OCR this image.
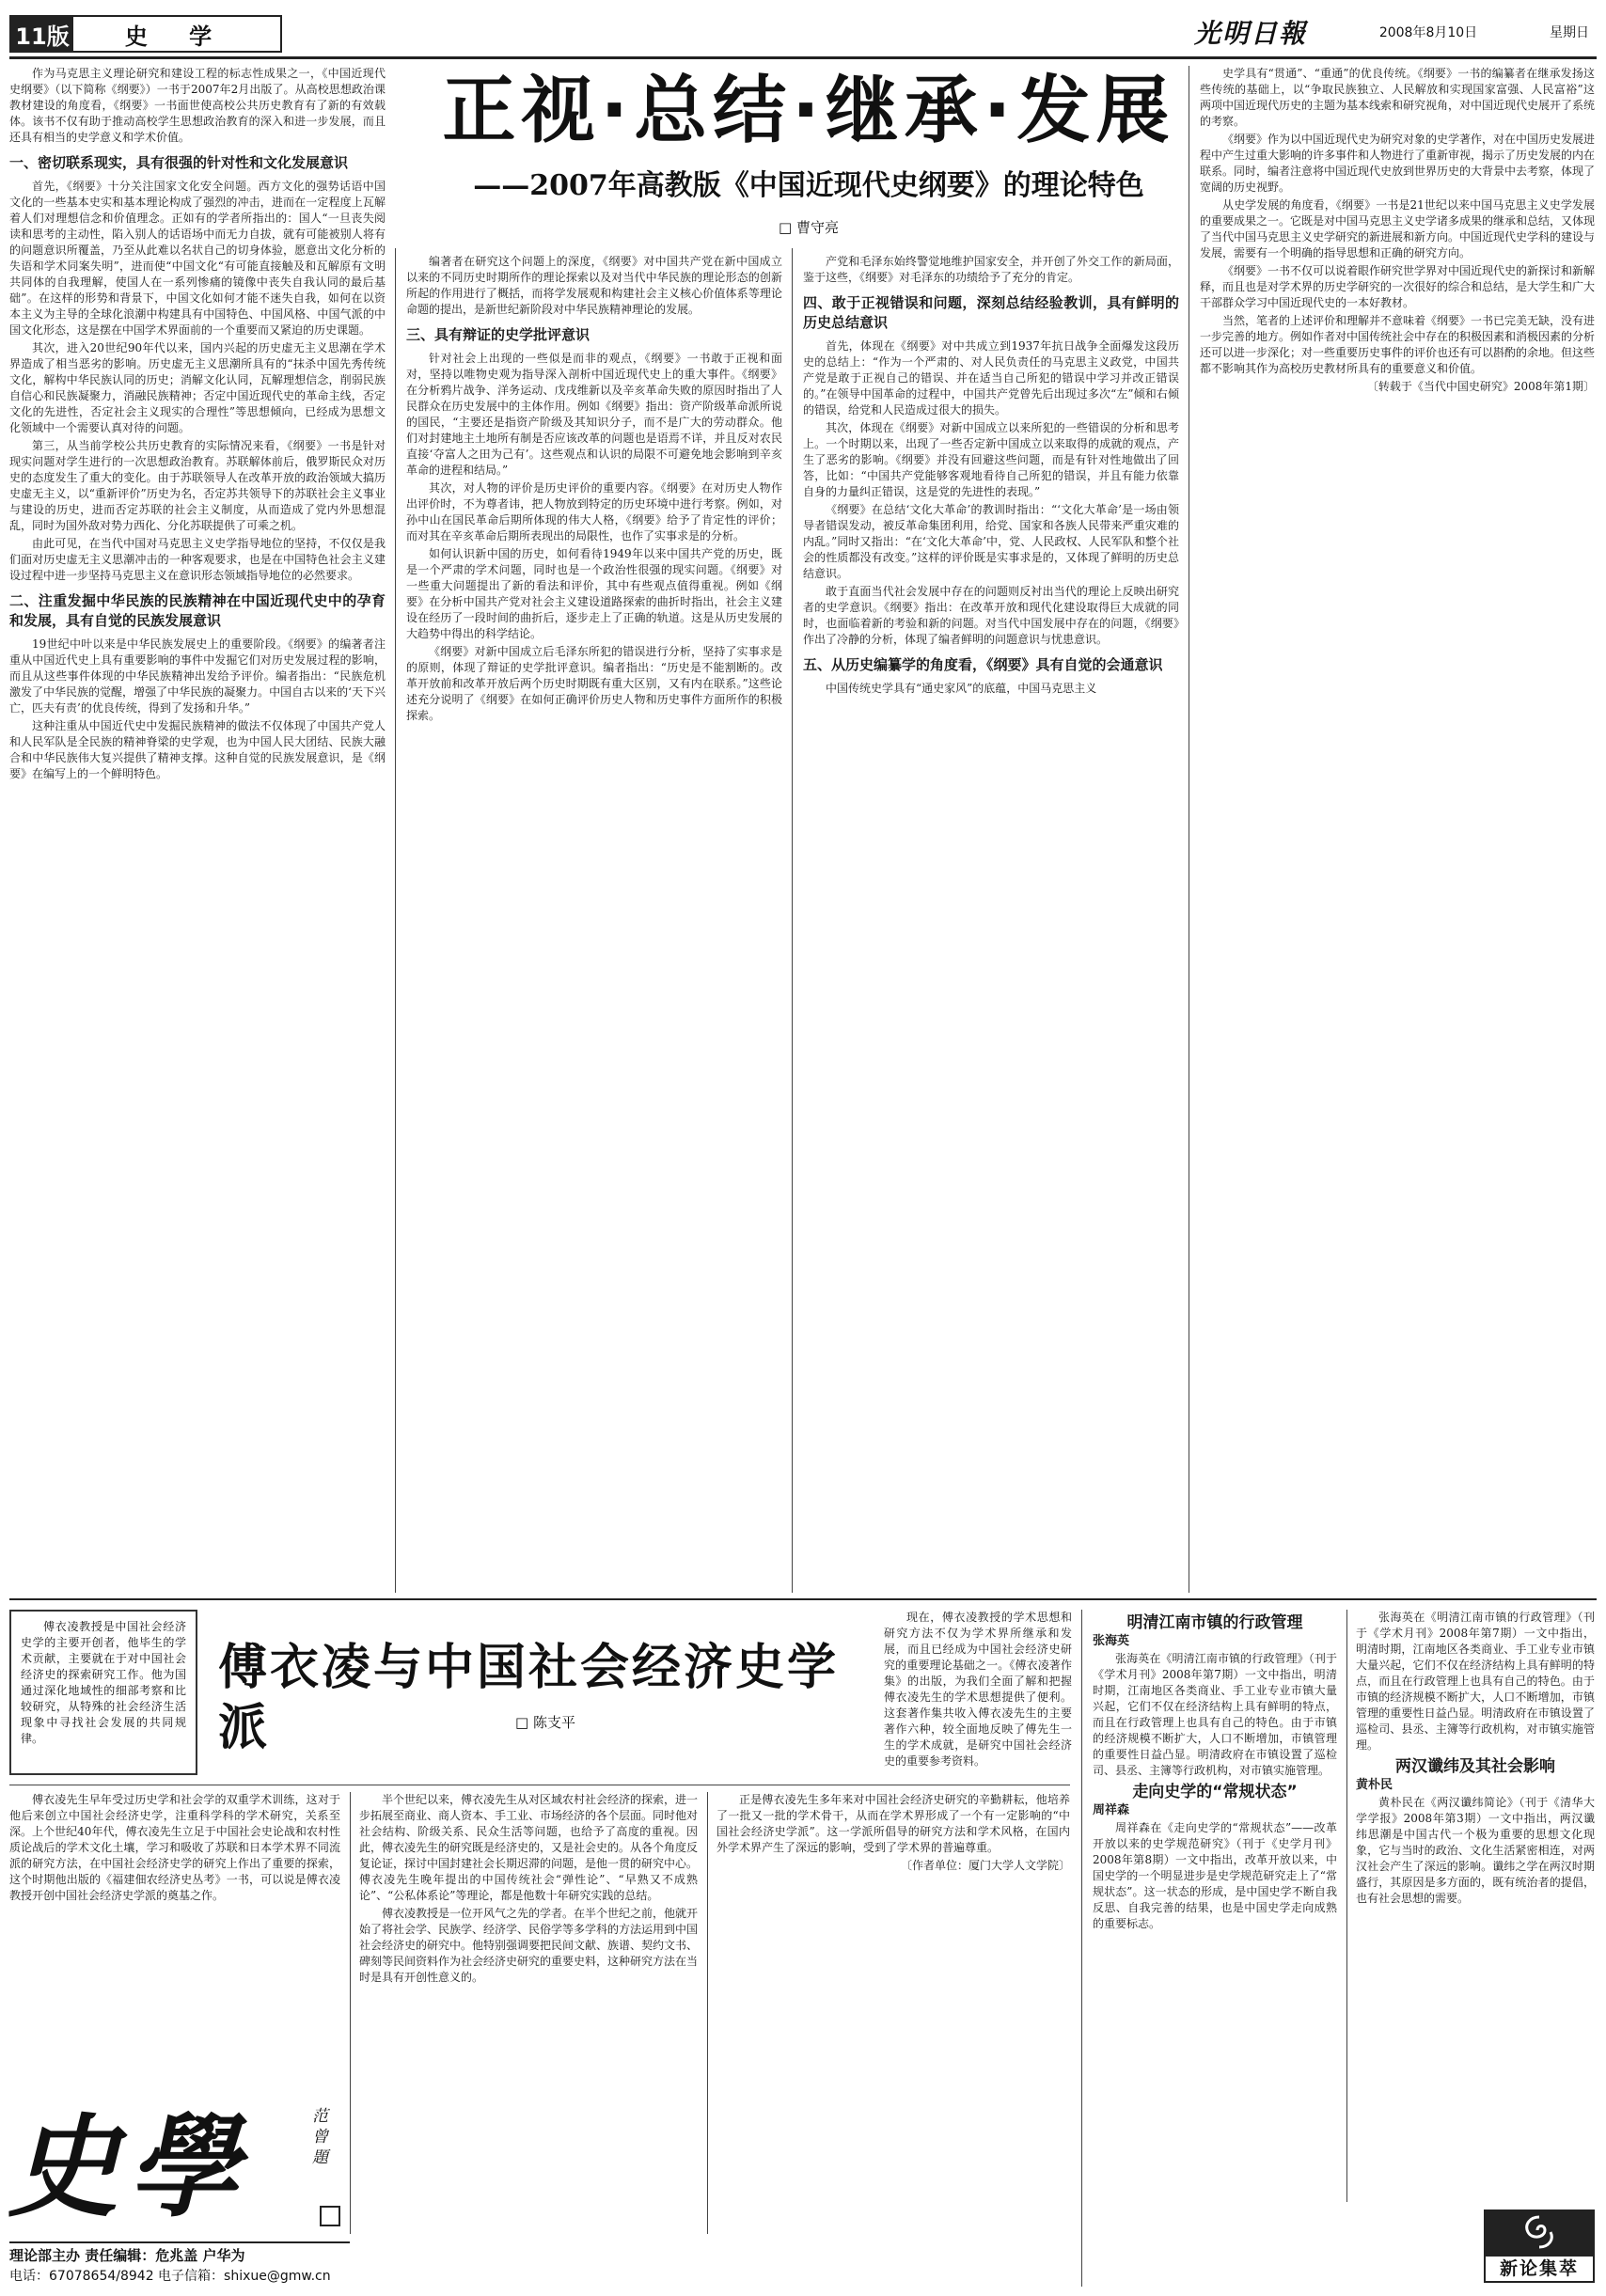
11版	史 学	光明日報	2008年8月10日	星期日
正视·总结·继承·发展
——2007年高教版《中国近现代史纲要》的理论特色
□ 曹守亮

作为马克思主义理论研究和建设工程的标志性成果之一，《中国近现代史纲要》（以下简称《纲要》）一书于2007年2月出版了。从高校思想政治课教材建设的角度看，《纲要》一书面世使高校公共历史教育有了新的有效载体。该书不仅有助于推动高校学生思想政治教育的深入和进一步发展，而且还具有相当的史学意义和学术价值。

一、密切联系现实，具有很强的针对性和文化发展意识

首先，《纲要》十分关注国家文化安全问题。西方文化的强势话语中国文化的一些基本史实和基本理论构成了强烈的冲击，进而在一定程度上瓦解着人们对理想信念和价值理念。正如有的学者所指出的：国人“一旦丧失阅读和思考的主动性，陷入别人的话语场中而无力自拔，就有可能被别人将有的问题意识所覆盖，乃至从此难以名状自己的切身体验，愿意出文化分析的失语和学术同案失明”，进而使“中国文化“有可能直接触及和瓦解原有文明共同体的自我理解，使国人在一系列惨痛的镜像中丧失自我认同的最后基础”。在这样的形势和背景下，中国文化如何才能不迷失自我，如何在以资本主义为主导的全球化浪潮中构建具有中国特色、中国风格、中国气派的中国文化形态，这是摆在中国学术界面前的一个重要而又紧迫的历史课题。

其次，进入20世纪90年代以来，国内兴起的历史虚无主义思潮在学术界造成了相当恶劣的影响。历史虚无主义思潮所具有的“抹杀中国先秀传统文化，解构中华民族认同的历史；消解文化认同，瓦解理想信念，削弱民族自信心和民族凝聚力，消融民族精神；否定中国近现代史的革命主线，否定文化的先进性，否定社会主义现实的合理性”等思想倾向，已经成为思想文化领域中一个需要认真对待的问题。

第三，从当前学校公共历史教育的实际情况来看，《纲要》一书是针对现实问题对学生进行的一次思想政治教育。苏联解体前后，俄罗斯民众对历史的态度发生了重大的变化。由于苏联领导人在改革开放的政治领域大搞历史虚无主义，以“重新评价”历史为名，否定苏共领导下的苏联社会主义事业与建设的历史，进而否定苏联的社会主义制度，从而造成了党内外思想混乱，同时为国外敌对势力西化、分化苏联提供了可乘之机。

由此可见，在当代中国对马克思主义史学指导地位的坚持，不仅仅是我们面对历史虚无主义思潮冲击的一种客观要求，也是在中国特色社会主义建设过程中进一步坚持马克思主义在意识形态领域指导地位的必然要求。

二、注重发掘中华民族的民族精神在中国近现代史中的孕育和发展，具有自觉的民族发展意识

19世纪中叶以来是中华民族发展史上的重要阶段。《纲要》的编著者注重从中国近代史上具有重要影响的事件中发掘它们对历史发展过程的影响，而且从这些事件体现的中华民族精神出发给予评价。编者指出：“民族危机激发了中华民族的觉醒，增强了中华民族的凝聚力。中国自古以来的‘天下兴亡，匹夫有责’的优良传统，得到了发扬和升华。”

这种注重从中国近代史中发掘民族精神的做法不仅体现了中国共产党人和人民军队是全民族的精神脊梁的史学观，也为中国人民大团结、民族大融合和中华民族伟大复兴提供了精神支撑。这种自觉的民族发展意识，是《纲要》在编写上的一个鲜明特色。

编著者在研究这个问题上的深度，《纲要》对中国共产党在新中国成立以来的不同历史时期所作的理论探索以及对当代中华民族的理论形态的创新所起的作用进行了概括，而将学发展观和构建社会主义核心价值体系等理论命题的提出，是新世纪新阶段对中华民族精神理论的发展。

三、具有辩证的史学批评意识

针对社会上出现的一些似是而非的观点，《纲要》一书敢于正视和面对，坚持以唯物史观为指导深入剖析中国近现代史上的重大事件。《纲要》在分析鸦片战争、洋务运动、戊戌维新以及辛亥革命失败的原因时指出了人民群众在历史发展中的主体作用。例如《纲要》指出：资产阶级革命派所说的国民，“主要还是指资产阶级及其知识分子，而不是广大的劳动群众。他们对封建地主土地所有制是否应该改革的问题也是语焉不详，并且反对农民直接‘夺富人之田为己有’。这些观点和认识的局限不可避免地会影响到辛亥革命的进程和结局。”

其次，对人物的评价是历史评价的重要内容。《纲要》在对历史人物作出评价时，不为尊者讳，把人物放到特定的历史环境中进行考察。例如，对孙中山在国民革命后期所体现的伟大人格，《纲要》给予了肯定性的评价；而对其在辛亥革命后期所表现出的局限性，也作了实事求是的分析。

如何认识新中国的历史，如何看待1949年以来中国共产党的历史，既是一个严肃的学术问题，同时也是一个政治性很强的现实问题。《纲要》对一些重大问题提出了新的看法和评价，其中有些观点值得重视。例如《纲要》在分析中国共产党对社会主义建设道路探索的曲折时指出，社会主义建设在经历了一段时间的曲折后，逐步走上了正确的轨道。这是从历史发展的大趋势中得出的科学结论。

《纲要》对新中国成立后毛泽东所犯的错误进行分析，坚持了实事求是的原则，体现了辩证的史学批评意识。编者指出：“历史是不能割断的。改革开放前和改革开放后两个历史时期既有重大区别，又有内在联系。”这些论述充分说明了《纲要》在如何正确评价历史人物和历史事件方面所作的积极探索。

产党和毛泽东始终警觉地维护国家安全，并开创了外交工作的新局面，鉴于这些，《纲要》对毛泽东的功绩给予了充分的肯定。

四、敢于正视错误和问题，深刻总结经验教训，具有鲜明的历史总结意识

首先，体现在《纲要》对中共成立到1937年抗日战争全面爆发这段历史的总结上：“作为一个严肃的、对人民负责任的马克思主义政党，中国共产党是敢于正视自己的错误、并在适当自己所犯的错误中学习并改正错误的。”在领导中国革命的过程中，中国共产党曾先后出现过多次“左”倾和右倾的错误，给党和人民造成过很大的损失。

其次，体现在《纲要》对新中国成立以来所犯的一些错误的分析和思考上。一个时期以来，出现了一些否定新中国成立以来取得的成就的观点，产生了恶劣的影响。《纲要》并没有回避这些问题，而是有针对性地做出了回答，比如：“中国共产党能够客观地看待自己所犯的错误，并且有能力依靠自身的力量纠正错误，这是党的先进性的表现。”

《纲要》在总结‘文化大革命’的教训时指出：“‘文化大革命’是一场由领导者错误发动，被反革命集团利用，给党、国家和各族人民带来严重灾难的内乱。”同时又指出：“在‘文化大革命’中，党、人民政权、人民军队和整个社会的性质都没有改变。”这样的评价既是实事求是的，又体现了鲜明的历史总结意识。

敢于直面当代社会发展中存在的问题则反衬出当代的理论上反映出研究者的史学意识。《纲要》指出：在改革开放和现代化建设取得巨大成就的同时，也面临着新的考验和新的问题。对当代中国发展中存在的问题，《纲要》作出了冷静的分析，体现了编者鲜明的问题意识与忧患意识。

五、从历史编纂学的角度看，《纲要》具有自觉的会通意识

中国传统史学具有“通史家风”的底蕴，中国马克思主义

史学具有“贯通”、“重通”的优良传统。《纲要》一书的编纂者在继承发扬这些传统的基础上，以“争取民族独立、人民解放和实现国家富强、人民富裕”这两项中国近现代历史的主题为基本线索和研究视角，对中国近现代史展开了系统的考察。

《纲要》作为以中国近现代史为研究对象的史学著作，对在中国历史发展进程中产生过重大影响的许多事件和人物进行了重新审视，揭示了历史发展的内在联系。同时，编者注意将中国近现代史放到世界历史的大背景中去考察，体现了宽阔的历史视野。

从史学发展的角度看，《纲要》一书是21世纪以来中国马克思主义史学发展的重要成果之一。它既是对中国马克思主义史学诸多成果的继承和总结，又体现了当代中国马克思主义史学研究的新进展和新方向。中国近现代史学科的建设与发展，需要有一个明确的指导思想和正确的研究方向。

《纲要》一书不仅可以说着眼作研究世学界对中国近现代史的新探讨和新解释，而且也是对学术界的历史学研究的一次很好的综合和总结，是大学生和广大干部群众学习中国近现代史的一本好教材。

当然，笔者的上述评价和理解并不意味着《纲要》一书已完美无缺，没有进一步完善的地方。例如作者对中国传统社会中存在的积极因素和消极因素的分析还可以进一步深化；对一些重要历史事件的评价也还有可以斟酌的余地。但这些都不影响其作为高校历史教材所具有的重要意义和价值。

〔转载于《当代中国史研究》2008年第1期〕

傅衣凌教授是中国社会经济史学的主要开创者，他毕生的学术贡献，主要就在于对中国社会经济史的探索研究工作。他为国通过深化地域性的细部考察和比较研究，从特殊的社会经济生活现象中寻找社会发展的共同规律。

傅衣凌与中国社会经济史学派	□ 陈支平

现在，傅衣凌教授的学术思想和研究方法不仅为学术界所继承和发展，而且已经成为中国社会经济史研究的重要理论基础之一。《傅衣凌著作集》的出版，为我们全面了解和把握傅衣凌先生的学术思想提供了便利。这套著作集共收入傅衣凌先生的主要著作六种，较全面地反映了傅先生一生的学术成就，是研究中国社会经济史的重要参考资料。

傅衣凌先生早年受过历史学和社会学的双重学术训练，这对于他后来创立中国社会经济史学，注重科学科的学术研究，关系至深。上个世纪40年代，傅衣凌先生立足于中国社会史论战和农村性质论战后的学术文化土壤，学习和吸收了苏联和日本学术界不同流派的研究方法，在中国社会经济史学的研究上作出了重要的探索，这个时期他出版的《福建佃农经济史丛考》一书，可以说是傅衣凌教授开创中国社会经济史学派的奠基之作。

半个世纪以来，傅衣凌先生从对区域农村社会经济的探索，进一步拓展至商业、商人资本、手工业、市场经济的各个层面。同时他对社会结构、阶级关系、民众生活等问题，也给予了高度的重视。因此，傅衣凌先生的研究既是经济史的，又是社会史的。从各个角度反复论证，探讨中国封建社会长期迟滞的问题，是他一贯的研究中心。傅衣凌先生晚年提出的中国传统社会“弹性论”、“早熟又不成熟论”、“公私体系论”等理论，都是他数十年研究实践的总结。

傅衣凌教授是一位开风气之先的学者。在半个世纪之前，他就开始了将社会学、民族学、经济学、民俗学等多学科的方法运用到中国社会经济史的研究中。他特别强调要把民间文献、族谱、契约文书、碑刻等民间资料作为社会经济史研究的重要史料，这种研究方法在当时是具有开创性意义的。

正是傅衣凌先生多年来对中国社会经济史研究的辛勤耕耘，他培养了一批又一批的学术骨干，从而在学术界形成了一个有一定影响的“中国社会经济史学派”。这一学派所倡导的研究方法和学术风格，在国内外学术界产生了深远的影响，受到了学术界的普遍尊重。

〔作者单位：厦门大学人文学院〕

明清江南市镇的行政管理

张海英

张海英在《明清江南市镇的行政管理》（刊于《学术月刊》2008年第7期）一文中指出，明清时期，江南地区各类商业、手工业专业市镇大量兴起，它们不仅在经济结构上具有鲜明的特点，而且在行政管理上也具有自己的特色。由于市镇的经济规模不断扩大，人口不断增加，市镇管理的重要性日益凸显。明清政府在市镇设置了巡检司、县丞、主簿等行政机构，对市镇实施管理。

走向史学的“常规状态”

周祥森

周祥森在《走向史学的“常规状态”——改革开放以来的史学规范研究》（刊于《史学月刊》2008年第8期）一文中指出，改革开放以来，中国史学的一个明显进步是史学规范研究走上了“常规状态”。这一状态的形成，是中国史学不断自我反思、自我完善的结果，也是中国史学走向成熟的重要标志。

张海英在《明清江南市镇的行政管理》（刊于《学术月刊》2008年第7期）一文中指出，明清时期，江南地区各类商业、手工业专业市镇大量兴起，它们不仅在经济结构上具有鲜明的特点，而且在行政管理上也具有自己的特色。由于市镇的经济规模不断扩大，人口不断增加，市镇管理的重要性日益凸显。明清政府在市镇设置了巡检司、县丞、主簿等行政机构，对市镇实施管理。

两汉谶纬及其社会影响

黄朴民

黄朴民在《两汉谶纬简论》（刊于《清华大学学报》2008年第3期）一文中指出，两汉谶纬思潮是中国古代一个极为重要的思想文化现象，它与当时的政治、文化生活紧密相连，对两汉社会产生了深远的影响。谶纬之学在两汉时期盛行，其原因是多方面的，既有统治者的提倡，也有社会思想的需要。

史學	范曾題
理论部主办 责任编辑：危兆盖 户华为
电话：67078654/8942 电子信箱：shixue@gmw.cn	新论集萃
